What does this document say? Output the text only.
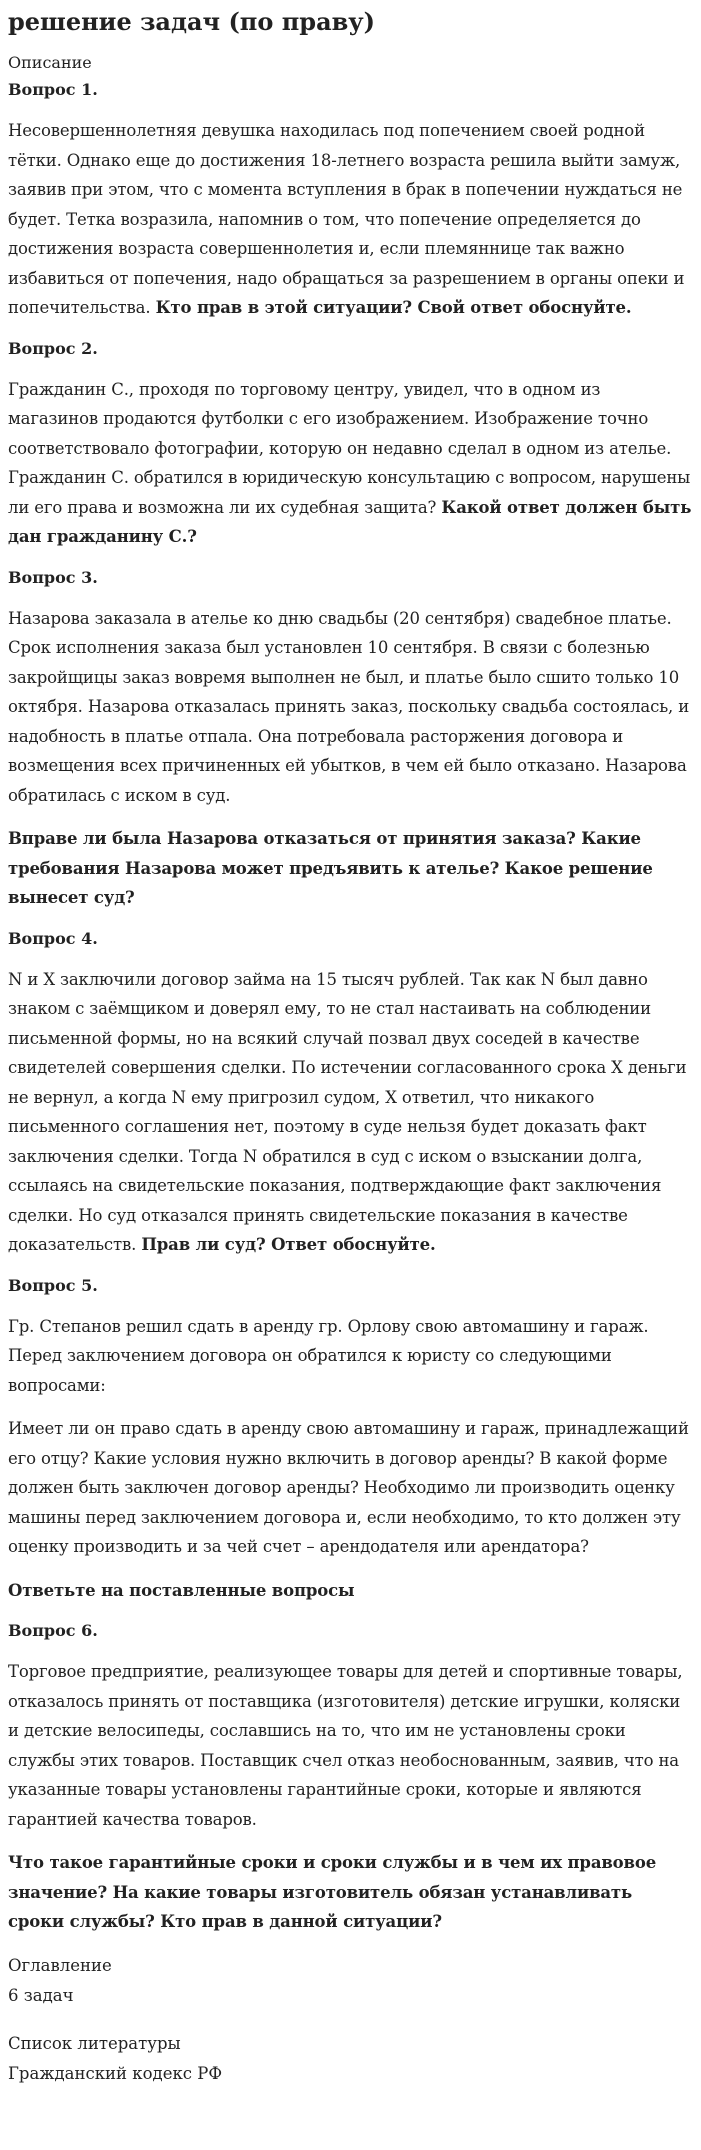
решение задач (по праву)
Описание
Вопрос 1.

Несовершеннолетняя девушка находилась под попечением своей родной тётки. Однако еще до достижения 18-летнего возраста решила выйти замуж, заявив при этом, что с момента вступления в брак в попечении нуждаться не будет. Тетка возразила, напомнив о том, что попечение определяется до достижения возраста совершеннолетия и, если племяннице так важно избавиться от попечения, надо обращаться за разрешением в органы опеки и попечительства. Кто прав в этой ситуации? Свой ответ обоснуйте.

Вопрос 2.

Гражданин С., проходя по торговому центру, увидел, что в одном из магазинов продаются футболки с его изображением. Изображение точно соответствовало фотографии, которую он недавно сделал в одном из ателье. Гражданин С. обратился в юридическую консультацию с вопросом, нарушены ли его права и возможна ли их судебная защита? Какой ответ должен быть дан гражданину С.?

Вопрос 3.

Назарова заказала в ателье ко дню свадьбы (20 сентября) свадебное платье. Срок исполнения заказа был установлен 10 сентября. В связи с болезнью закройщицы заказ вовремя выполнен не был, и платье было сшито только 10 октября. Назарова отказалась принять заказ, поскольку свадьба состоялась, и надобность в платье отпала. Она потребовала расторжения договора и возмещения всех причиненных ей убытков, в чем ей было отказано. Назарова обратилась с иском в суд.

Вправе ли была Назарова отказаться от принятия заказа? Какие требования Назарова может предъявить к ателье? Какое решение вынесет суд?

Вопрос 4.

N и X заключили договор займа на 15 тысяч рублей. Так как N был давно знаком с заёмщиком и доверял ему, то не стал настаивать на соблюдении письменной формы, но на всякий случай позвал двух соседей в качестве свидетелей совершения сделки. По истечении согласованного срока X деньги не вернул, а когда N ему пригрозил судом, X ответил, что никакого письменного соглашения нет, поэтому в суде нельзя будет доказать факт заключения сделки. Тогда N обратился в суд с иском о взыскании долга, ссылаясь на свидетельские показания, подтверждающие факт заключения сделки. Но суд отказался принять свидетельские показания в качестве доказательств. Прав ли суд? Ответ обоснуйте.

Вопрос 5.

Гр. Степанов решил сдать в аренду гр. Орлову свою автомашину и гараж. Перед заключением договора он обратился к юристу со следующими вопросами:

Имеет ли он право сдать в аренду свою автомашину и гараж, принадлежащий его отцу? Какие условия нужно включить в договор аренды? В какой форме должен быть заключен договор аренды? Необходимо ли производить оценку машины перед заключением договора и, если необходимо, то кто должен эту оценку производить и за чей счет – арендодателя или арендатора?

Ответьте на поставленные вопросы

Вопрос 6.

Торговое предприятие, реализующее товары для детей и спортивные товары, отказалось принять от поставщика (изготовителя) детские игрушки, коляски и детские велосипеды, сославшись на то, что им не установлены сроки службы этих товаров. Поставщик счел отказ необоснованным, заявив, что на указанные товары установлены гарантийные сроки, которые и являются гарантией качества товаров.

Что такое гарантийные сроки и сроки службы и в чем их правовое значение? На какие товары изготовитель обязан устанавливать сроки службы? Кто прав в данной ситуации?

Оглавление
6 задач
Список литературы
Гражданский кодекс РФ
